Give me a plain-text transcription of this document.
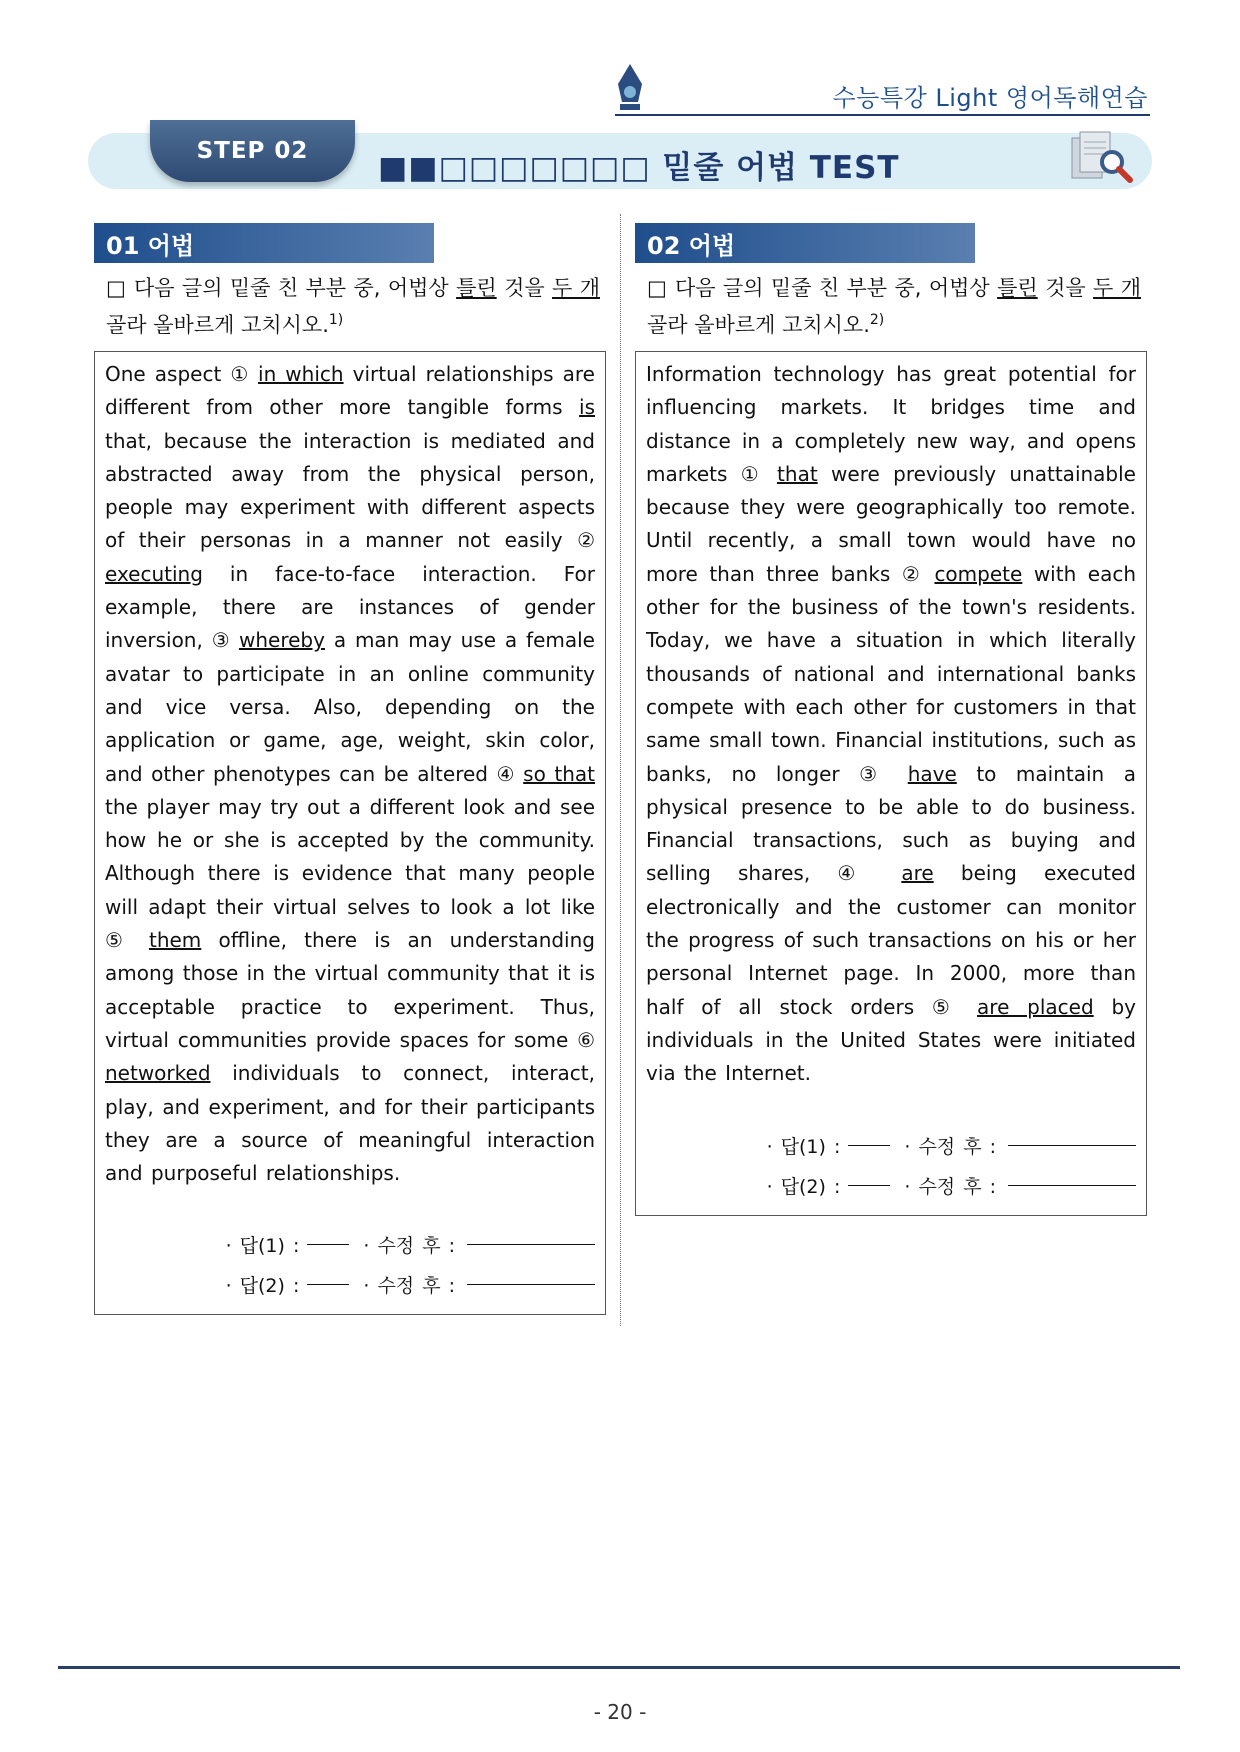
수능특강 Light 영어독해연습
STEP 02	■■□□□□□□□ 밑줄 어법 TEST
01 어법
□ 다음 글의 밑줄 친 부분 중, 어법상 틀린 것을 두 개 골라 올바르게 고치시오.$^{1)}$
One aspect ① in which virtual relationships are different from other more tangible forms is that, because the interaction is mediated and abstracted away from the physical person, people may experiment with different aspects of their personas in a manner not easily ② executing in face-to-face interaction. For example, there are instances of gender inversion, ③ whereby a man may use a female avatar to participate in an online community and vice versa. Also, depending on the application or game, age, weight, skin color, and other phenotypes can be altered ④ so that the player may try out a different look and see how he or she is accepted by the community. Although there is evidence that many people will adapt their virtual selves to look a lot like ⑤ them offline, there is an understanding among those in the virtual community that it is acceptable practice to experiment. Thus, virtual communities provide spaces for some ⑥ networked individuals to connect, interact, play, and experiment, and for their participants they are a source of meaningful interaction and purposeful relationships.
· 답(1) :	· 수정 후 :
· 답(2) :	· 수정 후 :
02 어법
□ 다음 글의 밑줄 친 부분 중, 어법상 틀린 것을 두 개 골라 올바르게 고치시오.$^{2)}$
Information technology has great potential for influencing markets. It bridges time and distance in a completely new way, and opens markets ① that were previously unattainable because they were geographically too remote. Until recently, a small town would have no more than three banks ② compete with each other for the business of the town's residents. Today, we have a situation in which literally thousands of national and international banks compete with each other for customers in that same small town. Financial institutions, such as banks, no longer ③ have to maintain a physical presence to be able to do business. Financial transactions, such as buying and selling shares, ④ are being executed electronically and the customer can monitor the progress of such transactions on his or her personal Internet page. In 2000, more than half of all stock orders ⑤ are placed by individuals in the United States were initiated via the Internet.
· 답(1) :	· 수정 후 :
· 답(2) :	· 수정 후 :
- 20 -
